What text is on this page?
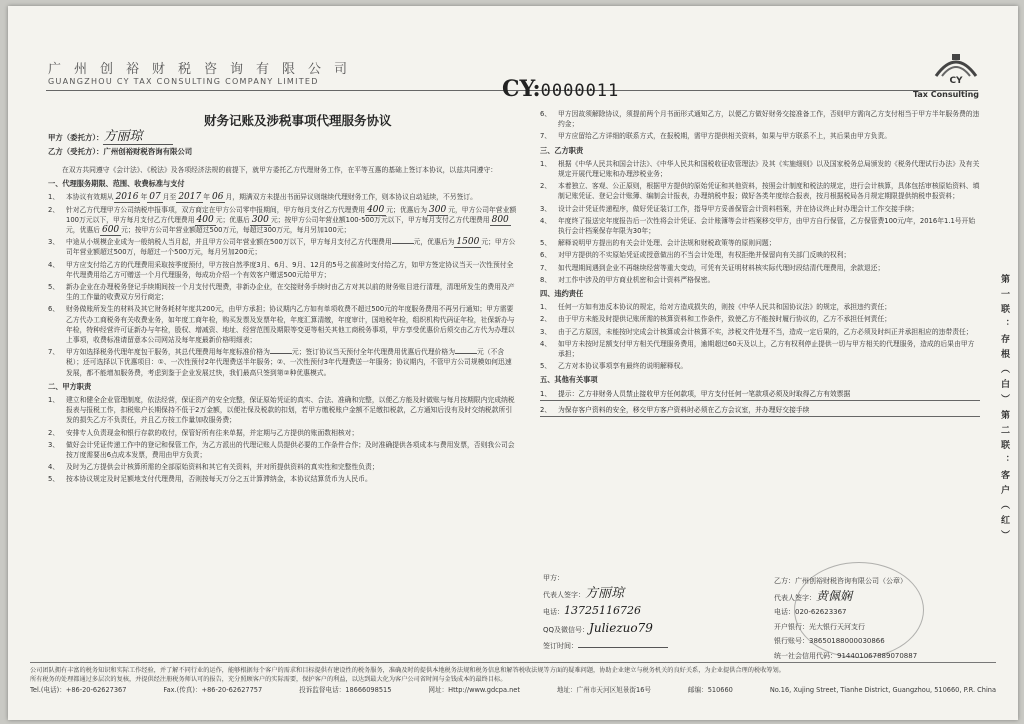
广州创裕财税咨询有限公司
GUANGZHOU CY TAX CONSULTING COMPANY LIMITED	CY:0000011	CY
Tax Consulting
财务记账及涉税事项代理服务协议
甲方（委托方）：方丽琼
乙方（受托方）：广州创裕财税咨询有限公司
在双方共同遵守《会计法》、《税法》及各项经济法规的前提下，就甲方委托乙方代理财务工作，在平等互惠的基础上签订本协议，以兹共同遵守：
一、代理服务期限、范围、收费标准与支付
1、	本协议有效期从 2016 年 07 月至 2017 年 06 月，期满双方未提出书面异议则继续代理财务工作，则本协议自动延续，不另签订。
2、	针对乙方代理甲方公司纳税申报事项，双方商定在甲方公司零申报期间，甲方每月支付乙方代理费用 400 元；优惠后为 300 元，甲方公司年营业额100万元以下，甲方每月支付乙方代理费用 400 元；优惠后 300 元；按甲方公司年营业额100-500万元以下，甲方每月支付乙方代理费用 800元，优惠后 600 元；按甲方公司年营业额超过500万元，每超过300万元，每月另加100元；
3、	中途从小规模企业成为一般纳税人当月起，并且甲方公司年营业额在500万以下，甲方每月支付乙方代理费用	元，优惠后为 1500 元；甲方公司年营业额超过500万，每超过一个500万元，每月另加200元；
4、	甲方应支付给乙方的代理费用采取按季度预付，甲方按自然季度3月、6月、9月、12月的5号之前准时支付给乙方，如甲方签定协议当天一次性预付全年代理费用给乙方可赠送一个月代理服务，每成功介绍一个有效客户赠送500元给甲方；
5、	新办企业在办理税务登记手续期间按一个月支付代理费，非新办企业，在交接财务手续时由乙方对其以前的财务账目进行清理，清理所发生的费用及产生的工作量的收费双方另行商定；
6、	财务做账所发生的材料及其它财务耗材年度共200元，由甲方承担；协议期内乙方如有单项收费不超过500元的年度服务费用不再另行通知；甲方需要乙方代办工商税务有关收费业务，如年度工商年检，购买发票及发票年检，年度汇算清缴，年度审计，国地税年检，组织机构代码证年检，社保新办与年检，特种经营许可证新办与年检，股权、增减资、地址、经营范围及期限等变更等相关其他工商税务事项，甲方享受优惠价后须交由乙方代为办理以上事项，收费标准请留意本公司网站及每年度最新价格明细表；
7、	甲方如选择税务代理年度包干服务，其总代理费用每年度标准价格为	元；签订协议当天预付全年代理费用优惠后代理价格为	元（不含税）；还可选择以下优惠项目：①、一次性预付2年代理费送半年服务；②、一次性预付3年代理费送一年服务；协议期内，不管甲方公司规模如何迅速发展，都不能增加服务费，考虑到鉴于企业发展过快，我们最高只签到第②种优惠模式。
二、甲方职责
1、	建立和健全企业管理制度，依法经营，保证资产的安全完整，保证原始凭证的真实、合法、准确和完整，以便乙方能及时做账与每月按期限内完成纳税报表与报税工作，扣税账户长期保持不低于2万金额，以便社保及税款的扣划，若甲方缴税账户金额不足缴扣税款，乙方通知后没有及时交纳税款所引发的损失乙方不负责任，并且乙方按工作量加收服务费；
2、	安排专人负责现金和银行存款的收付，保管好所有往来单据，并定期与乙方提供的账面数相核对；
3、	做好会计凭证传递工作中的登记和保管工作，为乙方派出的代理记账人员提供必要的工作条件合作；及时准确提供各项成本与费用发票，否则我公司会按万度需要出6点成本发票，费用由甲方负责；
4、	及时为乙方提供会计核算所需的全部原始资料和其它有关资料，并对所提供资料的真实性和完整性负责；
5、	按本协议规定及时足额地支付代理费用，否则按每天万分之五计算滞纳金，本协议结算货币为人民币。
6、	甲方因故须解除协议，须提前两个月书面形式通知乙方，以便乙方做好财务交接准备工作，否则甲方需向乙方支付相当于甲方半年服务费的违约金；
7、	甲方应留给乙方详细的联系方式，在报税期，需甲方提供相关资料，如果与甲方联系不上，其后果由甲方负责。
三、乙方职责
1、	根据《中华人民共和国会计法》、《中华人民共和国税收征收管理法》及其《实施细则》以及国家税务总局颁发的《税务代理试行办法》及有关规定开展代理记账和办理涉税业务；
2、	本着独立、客观、公正原则，根据甲方提供的原始凭证和其他资料，按照会计制度和税法的规定，进行会计核算，具体包括审核原始资料、填制记账凭证、登记会计账簿、编制会计报表，办理纳税申报；做好各类年度综合报表，按月根据税局各月规定期限提供纳税申报资料；
3、	设计会计凭证传递程序，做好凭证装订工作，指导甲方妥善保管会计资料档案，并在协议终止时办理会计工作交接手续；
4、	年度终了报送完年度报告后一次性将会计凭证、会计账簿等会计档案移交甲方，由甲方自行保管，乙方保管费100元/年，2016年1.1号开始执行会计档案保存年限为30年；
5、	解释说明甲方提出的有关会计处理、会计法规和财税政策等的原则问题；
6、	对甲方提供的不实原始凭证或授意做出的不当会计处理，有权拒绝并保留向有关部门反映的权利；
7、	如代理期间遇到企业不再继续经营等重大变动，可凭有关证明材料核实际代理时段结清代理费用，余款退还；
8、	对工作中涉及的甲方商业机密和会计资料严格保密。
四、违约责任
1、	任何一方如有违反本协议的规定，给对方造成损失的，则按《中华人民共和国协议法》的规定，承担违约责任；
2、	由于甲方未能及时提供记账所需的核算资料和工作条件，致使乙方不能按时履行协议的，乙方不承担任何责任；
3、	由于乙方原因，未能按时完成会计核算或会计核算不实，涉税文件处理不当，造成一定后果的，乙方必须及时纠正并承担相应的违带责任；
4、	如甲方未按时足额支付甲方相关代理服务费用，逾期超过60天及以上，乙方有权利停止提供一切与甲方相关的代理服务，造成的后果由甲方承担；
5、	乙方对本协议事项享有最终的说明解释权。
五、其他有关事项
1、	提示：乙方非财务人员禁止接收甲方任何款项，甲方支付任何一笔款项必须及时取得乙方有效票据
2、	为保存客户资料的安全，移交甲方客户资料时必须在乙方会议室，并办理好交接手续
甲方：
代表人签字：方丽琼
电话：13725116726
QQ及微信号：Juliezuo79
签订时间：
乙方：广州创裕财税咨询有限公司（公章）
代表人签字：黄佩娴
电话：020-62623367
开户银行：光大银行天河支行
银行账号：38650188000030866
统一社会信用代码：914401067889070887
第一联：存根（白）
第二联：客户（红）
公司团队拥有丰富的税务知识和实际工作经验，并了解不同行业的运作，能够根据每个客户的需求和目标提供有建设性的税务服务，准确及时的提供本地税务法规和税务信息和解答税收法规等方面的疑难问题，协助企业建立与税务机关的良好关系，为企业提供合理的税收筹划。
所有税务的处理都通过多层次的复核，并提供经注册税务师认可的报告，充分照顾客户的实际需要，保护客户的利益，以达到最大化为客户公司省时间与金钱成本的最终目标。
Tel.(电话)：+86-20-62627367	Fax.(传真)：+86-20-62627757	投诉监督电话：18666098515	网址：Http://www.gdcpa.net	地址：广州市天河区旭景街16号	邮编：510660	No.16, Xujing Street, Tianhe District, Guangzhou, 510660, P.R. China
